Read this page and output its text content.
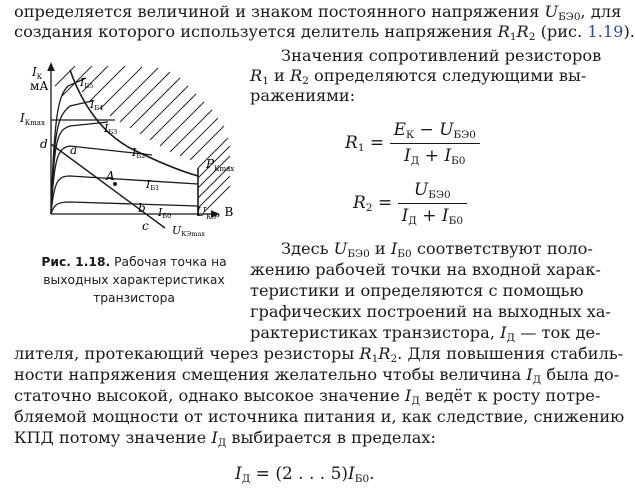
определяется величиной и знаком постоянного напряжения $U_{БЭ0}$, для
создания которого используется делитель напряжения $R_1R_2$ (рис. 1.19).
Значения сопротивлений резисторов
$R_1$ и $R_2$ определяются следующими вы-
ражениями:
$R_1 = \frac{E_К - U_{БЭ0}}{I_Д + I_{Б0}}$
$R_2 = \frac{U_{БЭ0}}{I_Д + I_{Б0}}$
Здесь $U_{БЭ0}$ и $I_{Б0}$ соответствуют поло-
жению рабочей точки на входной харак-
теристики и определяются с помощью
графических построений на выходных ха-
рактеристиках транзистора, $I_Д$ — ток де-
лителя, протекающий через резисторы $R_1R_2$. Для повышения стабиль-
ности напряжения смещения желательно чтобы величина $I_Д$ была до-
статочно высокой, однако высокое значение $I_Д$ ведёт к росту потре-
бляемой мощности от источника питания и, как следствие, снижению
КПД потому значение $I_Д$ выбирается в пределах:
$I_Д = (2$ . . . $5)I_{Б0}$.
Рис. 1.18. Рабочая точка на
выходных характеристиках
транзистора
$I_К$
мА
$I_{Кmax}$
d a
A
b
c
IБ5
IБ4
IБ3
IБ2
IБ1
IБ0
$P_{Кmax}$
$U_{КЭ}$, В
UКЭmax
